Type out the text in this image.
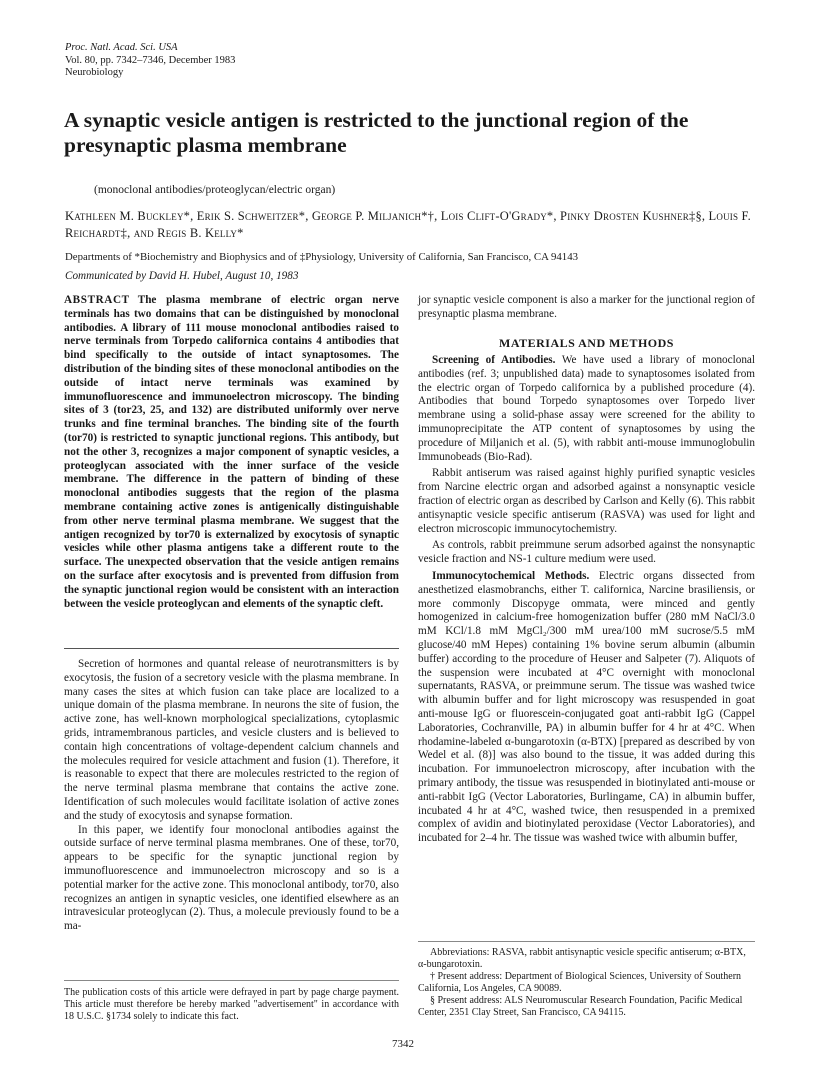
Proc. Natl. Acad. Sci. USA
Vol. 80, pp. 7342–7346, December 1983
Neurobiology
A synaptic vesicle antigen is restricted to the junctional region of the presynaptic plasma membrane
(monoclonal antibodies/proteoglycan/electric organ)
Kathleen M. Buckley*, Erik S. Schweitzer*, George P. Miljanich*†, Lois Clift-O'Grady*, Pinky Drosten Kushner‡§, Louis F. Reichardt‡, and Regis B. Kelly*
Departments of *Biochemistry and Biophysics and of ‡Physiology, University of California, San Francisco, CA 94143
Communicated by David H. Hubel, August 10, 1983
ABSTRACT The plasma membrane of electric organ nerve terminals has two domains that can be distinguished by monoclonal antibodies. A library of 111 mouse monoclonal antibodies raised to nerve terminals from Torpedo californica contains 4 antibodies that bind specifically to the outside of intact synaptosomes. The distribution of the binding sites of these monoclonal antibodies on the outside of intact nerve terminals was examined by immunofluorescence and immunoelectron microscopy. The binding sites of 3 (tor23, 25, and 132) are distributed uniformly over nerve trunks and fine terminal branches. The binding site of the fourth (tor70) is restricted to synaptic junctional regions. This antibody, but not the other 3, recognizes a major component of synaptic vesicles, a proteoglycan associated with the inner surface of the vesicle membrane. The difference in the pattern of binding of these monoclonal antibodies suggests that the region of the plasma membrane containing active zones is antigenically distinguishable from other nerve terminal plasma membrane. We suggest that the antigen recognized by tor70 is externalized by exocytosis of synaptic vesicles while other plasma antigens take a different route to the surface. The unexpected observation that the vesicle antigen remains on the surface after exocytosis and is prevented from diffusion from the synaptic junctional region would be consistent with an interaction between the vesicle proteoglycan and elements of the synaptic cleft.

Secretion of hormones and quantal release of neurotransmitters is by exocytosis, the fusion of a secretory vesicle with the plasma membrane. In many cases the sites at which fusion can take place are localized to a unique domain of the plasma membrane. In neurons the site of fusion, the active zone, has well-known morphological specializations, cytoplasmic grids, intramembranous particles, and vesicle clusters and is believed to contain high concentrations of voltage-dependent calcium channels and the molecules required for vesicle attachment and fusion (1). Therefore, it is reasonable to expect that there are molecules restricted to the region of the nerve terminal plasma membrane that contains the active zone. Identification of such molecules would facilitate isolation of active zones and the study of exocytosis and synapse formation.

In this paper, we identify four monoclonal antibodies against the outside surface of nerve terminal plasma membranes. One of these, tor70, appears to be specific for the synaptic junctional region by immunofluorescence and immunoelectron microscopy and so is a potential marker for the active zone. This monoclonal antibody, tor70, also recognizes an antigen in synaptic vesicles, one identified elsewhere as an intravesicular proteoglycan (2). Thus, a molecule previously found to be a ma-

The publication costs of this article were defrayed in part by page charge payment. This article must therefore be hereby marked "advertisement" in accordance with 18 U.S.C. §1734 solely to indicate this fact.
jor synaptic vesicle component is also a marker for the junctional region of presynaptic plasma membrane.
MATERIALS AND METHODS

Screening of Antibodies. We have used a library of monoclonal antibodies (ref. 3; unpublished data) made to synaptosomes isolated from the electric organ of Torpedo californica by a published procedure (4). Antibodies that bound Torpedo synaptosomes over Torpedo liver membrane using a solid-phase assay were screened for the ability to immunoprecipitate the ATP content of synaptosomes by using the procedure of Miljanich et al. (5), with rabbit anti-mouse immunoglobulin Immunobeads (Bio-Rad).

Rabbit antiserum was raised against highly purified synaptic vesicles from Narcine electric organ and adsorbed against a nonsynaptic vesicle fraction of electric organ as described by Carlson and Kelly (6). This rabbit antisynaptic vesicle specific antiserum (RASVA) was used for light and electron microscopic immunocytochemistry.

As controls, rabbit preimmune serum adsorbed against the nonsynaptic vesicle fraction and NS-1 culture medium were used.

Immunocytochemical Methods. Electric organs dissected from anesthetized elasmobranchs, either T. californica, Narcine brasiliensis, or more commonly Discopyge ommata, were minced and gently homogenized in calcium-free homogenization buffer (280 mM NaCl/3.0 mM KCl/1.8 mM MgCl₂/300 mM urea/100 mM sucrose/5.5 mM glucose/40 mM Hepes) containing 1% bovine serum albumin (albumin buffer) according to the procedure of Heuser and Salpeter (7). Aliquots of the suspension were incubated at 4°C overnight with monoclonal supernatants, RASVA, or preimmune serum. The tissue was washed twice with albumin buffer and for light microscopy was resuspended in goat anti-mouse IgG or fluorescein-conjugated goat anti-rabbit IgG (Cappel Laboratories, Cochranville, PA) in albumin buffer for 4 hr at 4°C. When rhodamine-labeled α-bungarotoxin (α-BTX) [prepared as described by von Wedel et al. (8)] was also bound to the tissue, it was added during this incubation. For immunoelectron microscopy, after incubation with the primary antibody, the tissue was resuspended in biotinylated anti-mouse or anti-rabbit IgG (Vector Laboratories, Burlingame, CA) in albumin buffer, incubated 4 hr at 4°C, washed twice, then resuspended in a premixed complex of avidin and biotinylated peroxidase (Vector Laboratories), and incubated for 2–4 hr. The tissue was washed twice with albumin buffer,

Abbreviations: RASVA, rabbit antisynaptic vesicle specific antiserum; α-BTX, α-bungarotoxin.

† Present address: Department of Biological Sciences, University of Southern California, Los Angeles, CA 90089.

§ Present address: ALS Neuromuscular Research Foundation, Pacific Medical Center, 2351 Clay Street, San Francisco, CA 94115.

7342
